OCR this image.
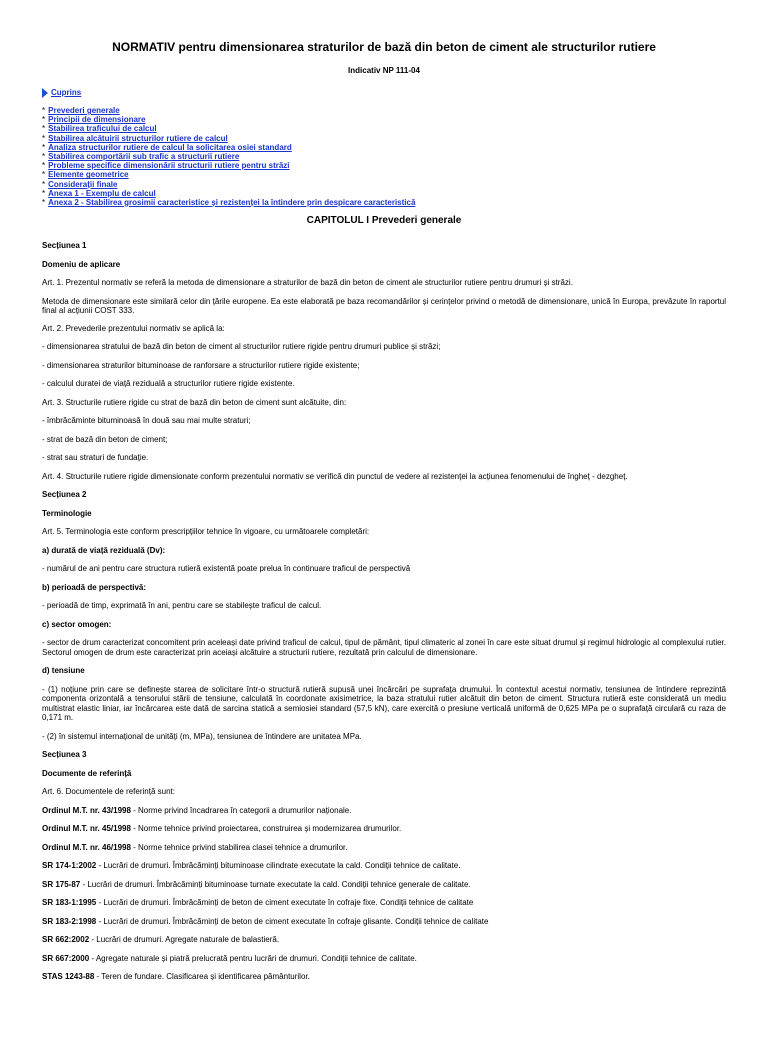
NORMATIV pentru dimensionarea straturilor de bază din beton de ciment ale structurilor rutiere
Indicativ NP 111-04
Cuprins
* Prevederi generale
* Principii de dimensionare
* Stabilirea traficului de calcul
* Stabilirea alcătuirii structurilor rutiere de calcul
* Analiza structurilor rutiere de calcul la solicitarea osiei standard
* Stabilirea comportării sub trafic a structurii rutiere
* Probleme specifice dimensionării structurii rutiere pentru străzi
* Elemente geometrice
* Considerații finale
* Anexa 1 - Exemplu de calcul
* Anexa 2 - Stabilirea grosimii caracteristice și rezistenței la întindere prin despicare caracteristică
CAPITOLUL I Prevederi generale

Secțiunea 1

Domeniu de aplicare

Art. 1. Prezentul normativ se referă la metoda de dimensionare a straturilor de bază din beton de ciment ale structurilor rutiere pentru drumuri și străzi.

Metoda de dimensionare este similară celor din țările europene. Ea este elaborată pe baza recomandărilor și cerințelor privind o metodă de dimensionare, unică în Europa, prevăzute în raportul final al acțiunii COST 333.

Art. 2. Prevederile prezentului normativ se aplică la:

- dimensionarea stratului de bază din beton de ciment al structurilor rutiere rigide pentru drumuri publice și străzi;

- dimensionarea straturilor bituminoase de ranforsare a structurilor rutiere rigide existente;

- calculul duratei de viață reziduală a structurilor rutiere rigide existente.

Art. 3. Structurile rutiere rigide cu strat de bază din beton de ciment sunt alcătuite, din:

- îmbrăcăminte bituminoasă în două sau mai multe straturi;

- strat de bază din beton de ciment;

- strat sau straturi de fundație.

Art. 4. Structurile rutiere rigide dimensionate conform prezentului normativ se verifică din punctul de vedere al rezistenței la acțiunea fenomenului de îngheț - dezgheț.

Secțiunea 2

Terminologie

Art. 5. Terminologia este conform prescripțiilor tehnice în vigoare, cu următoarele completări:

a) durată de viață reziduală (Dv):

- numărul de ani pentru care structura rutieră existentă poate prelua în continuare traficul de perspectivă

b) perioadă de perspectivă:

- perioadă de timp, exprimată în ani, pentru care se stabilește traficul de calcul.

c) sector omogen:

- sector de drum caracterizat concomitent prin aceleași date privind traficul de calcul, tipul de pământ, tipul climateric al zonei în care este situat drumul și regimul hidrologic al complexului rutier. Sectorul omogen de drum este caracterizat prin aceiași alcătuire a structurii rutiere, rezultată prin calculul de dimensionare.

d) tensiune

- (1) noțiune prin care se definește starea de solicitare într-o structură rutieră supusă unei încărcări pe suprafața drumului. În contextul acestui normativ, tensiunea de întindere reprezintă componenta orizontală a tensorului stării de tensiune, calculată în coordonate axisimetrice, la baza stratului rutier alcătuit din beton de ciment. Structura rutieră este considerată un mediu multistrat elastic liniar, iar încărcarea este dată de sarcina statică a semiosiei standard (57,5 kN), care exercită o presiune verticală uniformă de 0,625 MPa pe o suprafață circulară cu raza de 0,171 m.

- (2) în sistemul internațional de unități (m, MPa), tensiunea de întindere are unitatea MPa.

Secțiunea 3

Documente de referință

Art. 6. Documentele de referință sunt:

Ordinul M.T. nr. 43/1998 - Norme privind încadrarea în categorii a drumurilor naționale.

Ordinul M.T. nr. 45/1998 - Norme tehnice privind proiectarea, construirea și modernizarea drumurilor.

Ordinul M.T. nr. 46/1998 - Norme tehnice privind stabilirea clasei tehnice a drumurilor.

SR 174-1:2002 - Lucrări de drumuri. Îmbrăcăminți bituminoase cilindrate executate la cald. Condiții tehnice de calitate.

SR 175-87 - Lucrări de drumuri. Îmbrăcăminți bituminoase turnate executate la cald. Condiții tehnice generale de calitate.

SR 183-1:1995 - Lucrări de drumuri. Îmbrăcăminți de beton de ciment executate în cofraje fixe. Condiții tehnice de calitate

SR 183-2:1998 - Lucrări de drumuri. Îmbrăcăminți de beton de ciment executate în cofraje glisante. Condiții tehnice de calitate

SR 662:2002 - Lucrări de drumuri. Agregate naturale de balastieră.

SR 667:2000 - Agregate naturale și piatră prelucrată pentru lucrări de drumuri. Condiții tehnice de calitate.

STAS 1243-88 - Teren de fundare. Clasificarea și identificarea pământurilor.
